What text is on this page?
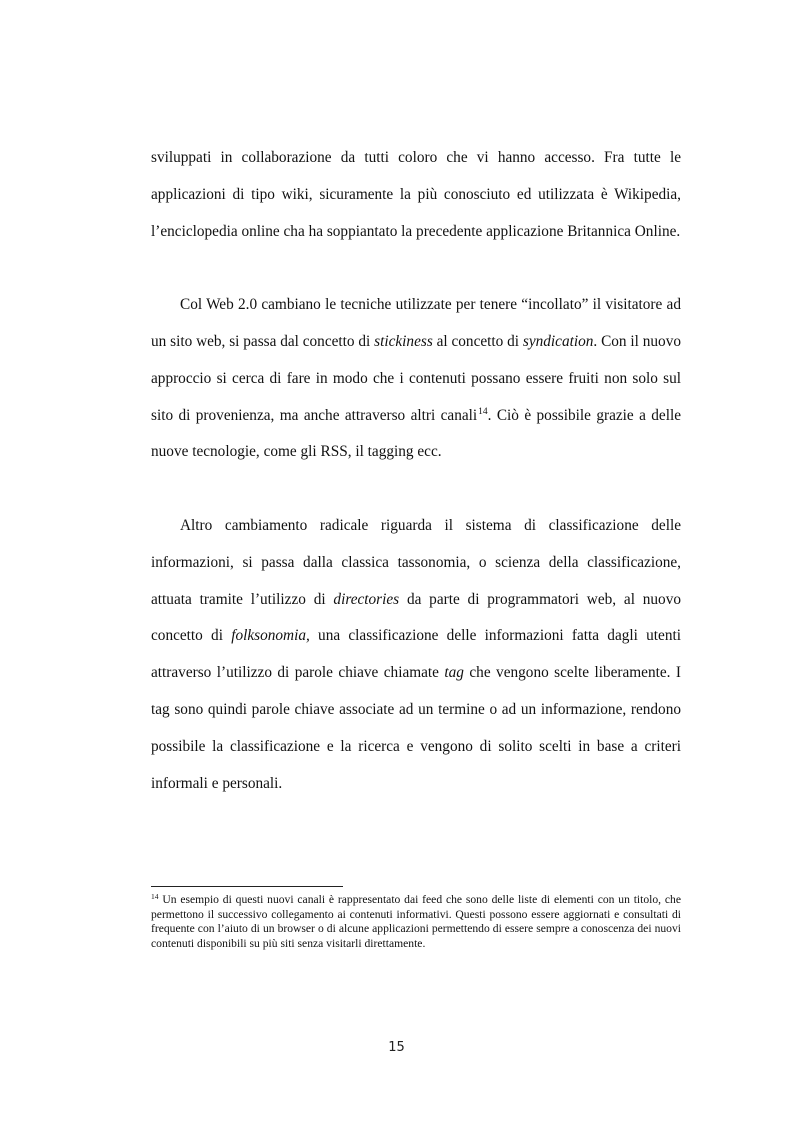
sviluppati in collaborazione da tutti coloro che vi hanno accesso. Fra tutte le applicazioni di tipo wiki, sicuramente la più conosciuto ed utilizzata è Wikipedia, l’enciclopedia online cha ha soppiantato la precedente applicazione Britannica Online.

Col Web 2.0 cambiano le tecniche utilizzate per tenere “incollato” il visitatore ad un sito web, si passa dal concetto di stickiness al concetto di syndication. Con il nuovo approccio si cerca di fare in modo che i contenuti possano essere fruiti non solo sul sito di provenienza, ma anche attraverso altri canali$^{14}$. Ciò è possibile grazie a delle nuove tecnologie, come gli RSS, il tagging ecc.

Altro cambiamento radicale riguarda il sistema di classificazione delle informazioni, si passa dalla classica tassonomia, o scienza della classificazione, attuata tramite l’utilizzo di directories da parte di programmatori web, al nuovo concetto di folksonomia, una classificazione delle informazioni fatta dagli utenti attraverso l’utilizzo di parole chiave chiamate tag che vengono scelte liberamente. I tag sono quindi parole chiave associate ad un termine o ad un informazione, rendono possibile la classificazione e la ricerca e vengono di solito scelti in base a criteri informali e personali.

$^{14}$ Un esempio di questi nuovi canali è rappresentato dai feed che sono delle liste di elementi con un titolo, che permettono il successivo collegamento ai contenuti informativi. Questi possono essere aggiornati e consultati di frequente con l’aiuto di un browser o di alcune applicazioni permettendo di essere sempre a conoscenza dei nuovi contenuti disponibili su più siti senza visitarli direttamente.
15
